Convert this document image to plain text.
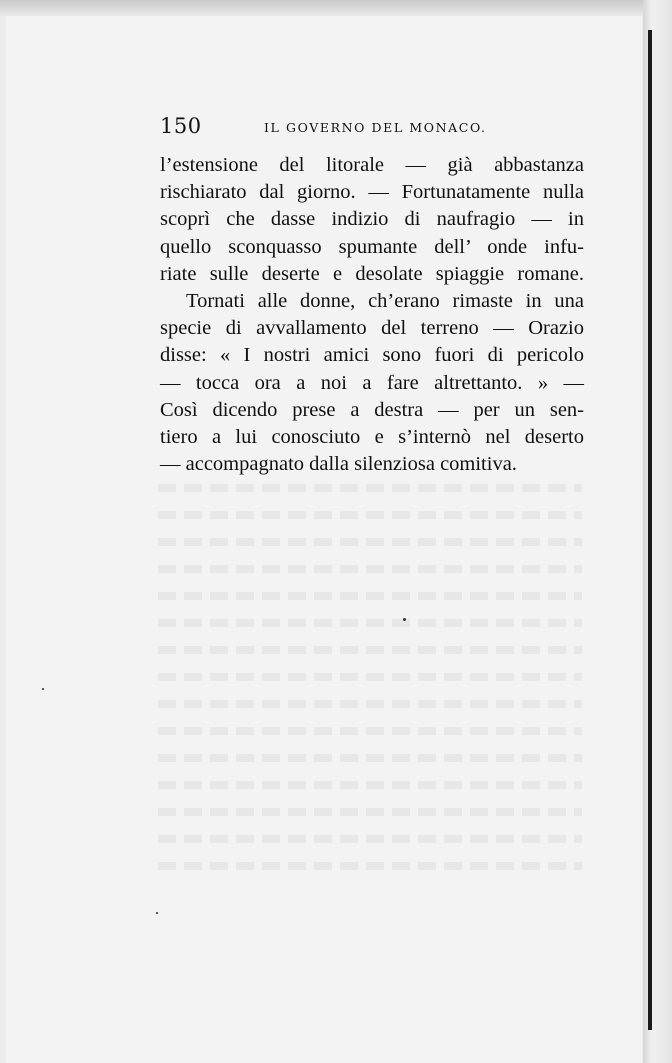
150	IL GOVERNO DEL MONACO.
l’estensione del litorale — già abbastanza
rischiarato dal giorno. — Fortunatamente nulla
scoprì che dasse indizio di naufragio — in
quello sconquasso spumante dell’ onde infu-
riate sulle deserte e desolate spiaggie romane.
Tornati alle donne, ch’erano rimaste in una
specie di avvallamento del terreno — Orazio
disse: « I nostri amici sono fuori di pericolo
— tocca ora a noi a fare altrettanto. » —
Così dicendo prese a destra — per un sen-
tiero a lui conosciuto e s’internò nel deserto
— accompagnato dalla silenziosa comitiva.
